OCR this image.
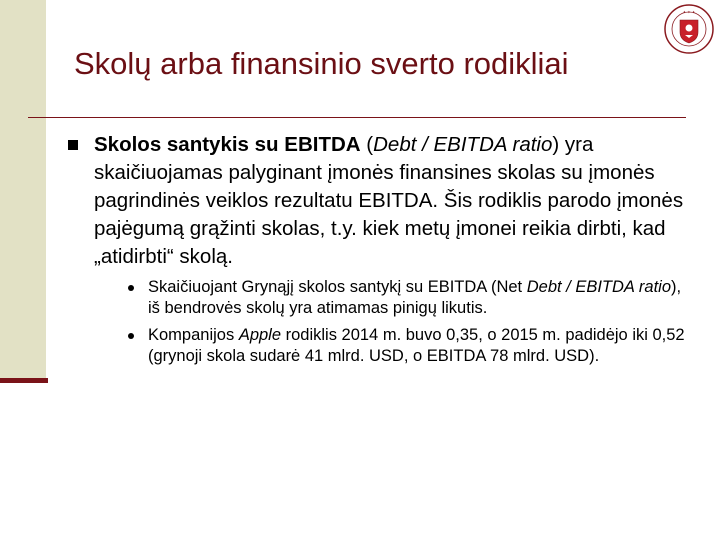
Skolų arba finansinio sverto rodikliai
✦ ✦ ✦
Skolos santykis su EBITDA (Debt / EBITDA ratio) yra skaičiuojamas palyginant įmonės finansines skolas su įmonės pagrindinės veiklos rezultatu EBITDA. Šis rodiklis parodo įmonės pajėgumą grąžinti skolas, t.y. kiek metų įmonei reikia dirbti, kad „atidirbti“ skolą.
Skaičiuojant Grynąjį skolos santykį su EBITDA (Net Debt / EBITDA ratio), iš bendrovės skolų yra atimamas pinigų likutis.
Kompanijos Apple rodiklis 2014 m. buvo 0,35, o 2015 m. padidėjo iki 0,52 (grynoji skola sudarė 41 mlrd. USD, o EBITDA 78 mlrd. USD).
